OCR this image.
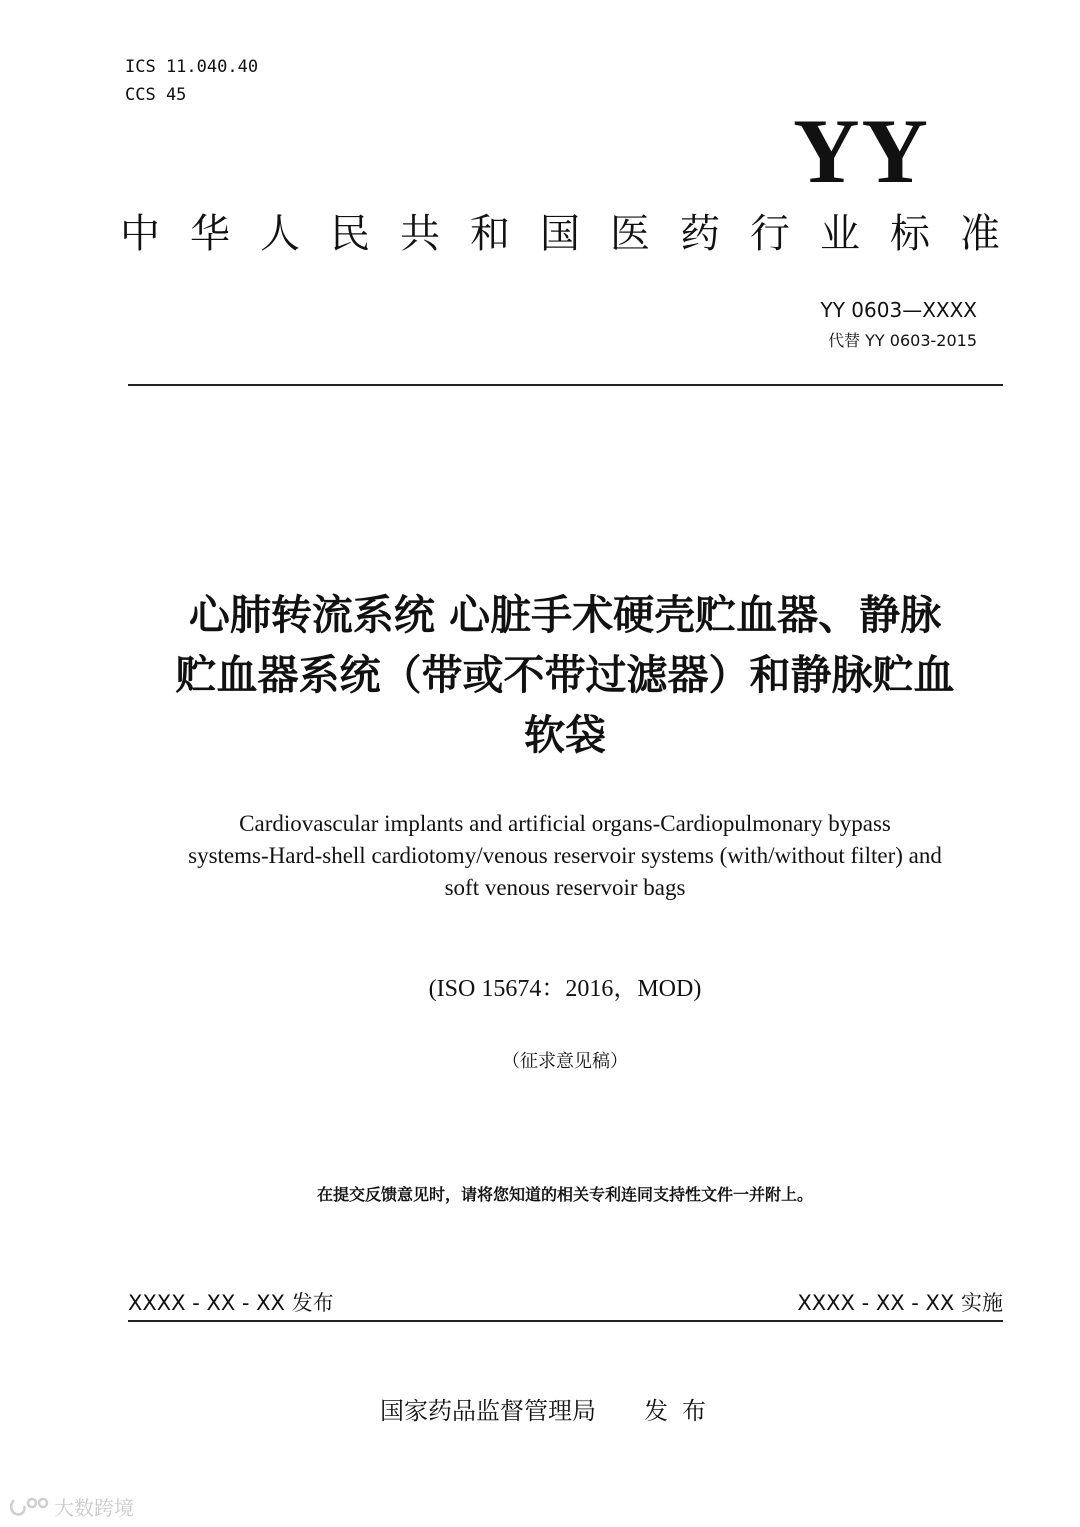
ICS 11.040.40
CCS 45
YY
中 华 人 民 共 和 国 医 药 行 业 标 准
YY 0603—XXXX
代替 YY 0603-2015
心肺转流系统 心脏手术硬壳贮血器、静脉
贮血器系统（带或不带过滤器）和静脉贮血
软袋
Cardiovascular implants and artificial organs-Cardiopulmonary bypass
systems-Hard-shell cardiotomy/venous reservoir systems (with/without filter) and
soft venous reservoir bags
(ISO 15674：2016，MOD)
（征求意见稿）
在提交反馈意见时，请将您知道的相关专利连同支持性文件一并附上。
XXXX - XX - XX 发布	XXXX - XX - XX 实施
国家药品监督管理局 发布
大数跨境
